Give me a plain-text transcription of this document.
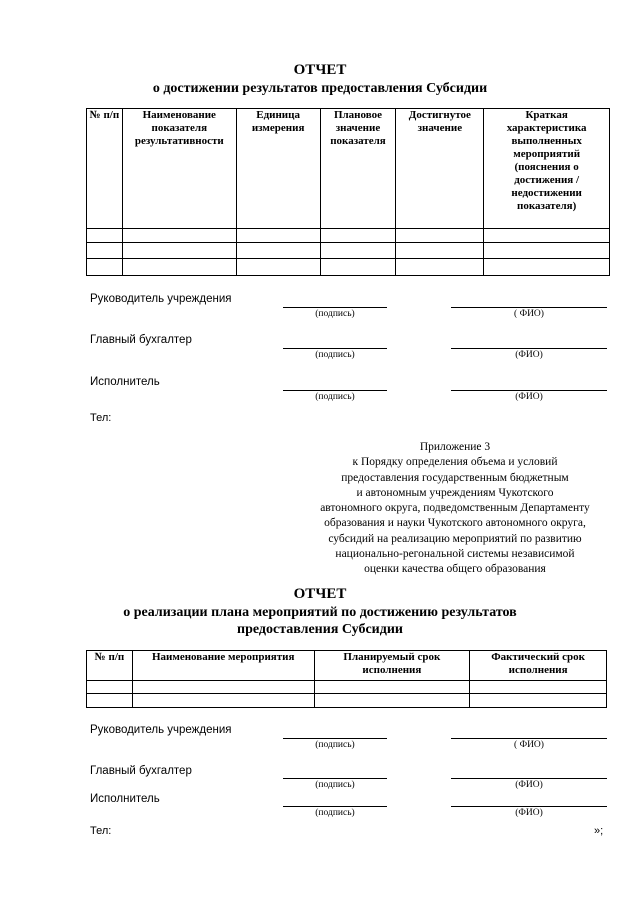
ОТЧЕТ
о достижении результатов предоставления Субсидии
№ п/п	Наименование показателя результативности	Единица измерения	Плановое значение показателя	Достигнутое значение	Краткая характеристика выполненных мероприятий (пояснения о достижения /недостижении показателя)

Руководитель учреждения
(подпись)	( ФИО)
Главный бухгалтер
(подпись)	(ФИО)
Исполнитель
(подпись)	(ФИО)
Тел:
Приложение 3
к Порядку определения объема и условий
предоставления государственным бюджетным
и автономным учреждениям Чукотского
автономного округа, подведомственным Департаменту
образования и науки Чукотского автономного округа,
субсидий на реализацию мероприятий по развитию
национально-регональной системы независимой
оценки качества общего образования
ОТЧЕТ
о реализации плана мероприятий по достижению результатов
предоставления Субсидии
№ п/п	Наименование мероприятия	Планируемый срок исполнения	Фактический срок исполнения

Руководитель учреждения
(подпись)	( ФИО)
Главный бухгалтер
(подпись)	(ФИО)
Исполнитель
(подпись)	(ФИО)
Тел:	»;
